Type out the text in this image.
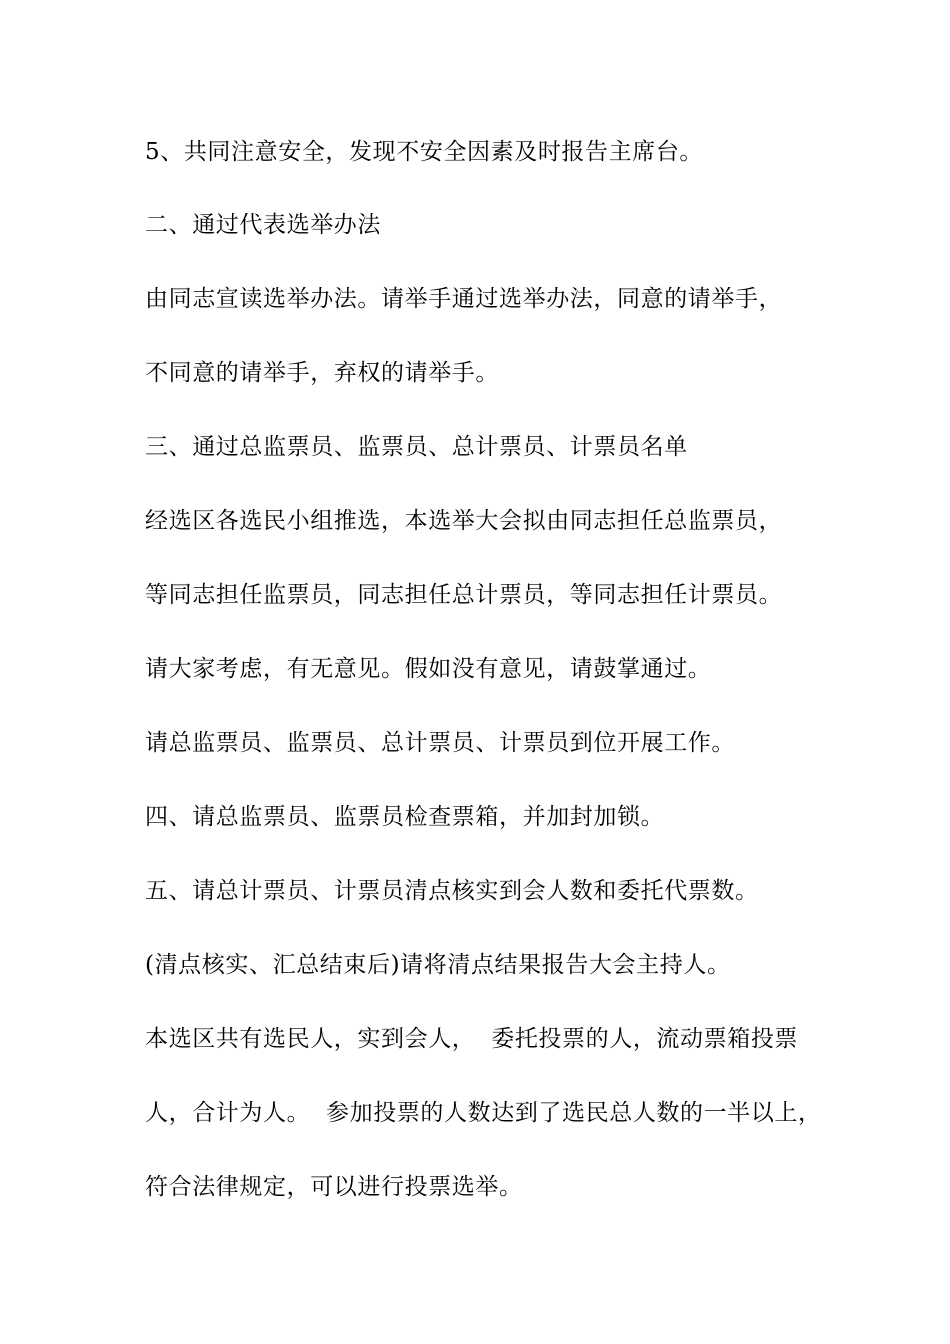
5、共同注意安全，发现不安全因素及时报告主席台。
二、通过代表选举办法
由同志宣读选举办法。请举手通过选举办法，同意的请举手，
不同意的请举手，弃权的请举手。
三、通过总监票员、监票员、总计票员、计票员名单
经选区各选民小组推选，本选举大会拟由同志担任总监票员，
等同志担任监票员，同志担任总计票员，等同志担任计票员。
请大家考虑，有无意见。假如没有意见，请鼓掌通过。
请总监票员、监票员、总计票员、计票员到位开展工作。
四、请总监票员、监票员检查票箱，并加封加锁。
五、请总计票员、计票员清点核实到会人数和委托代票数。
(清点核实、汇总结束后)请将清点结果报告大会主持人。
本选区共有选民人，实到会人，  委托投票的人，流动票箱投票
人，合计为人。  参加投票的人数达到了选民总人数的一半以上，
符合法律规定，可以进行投票选举。
